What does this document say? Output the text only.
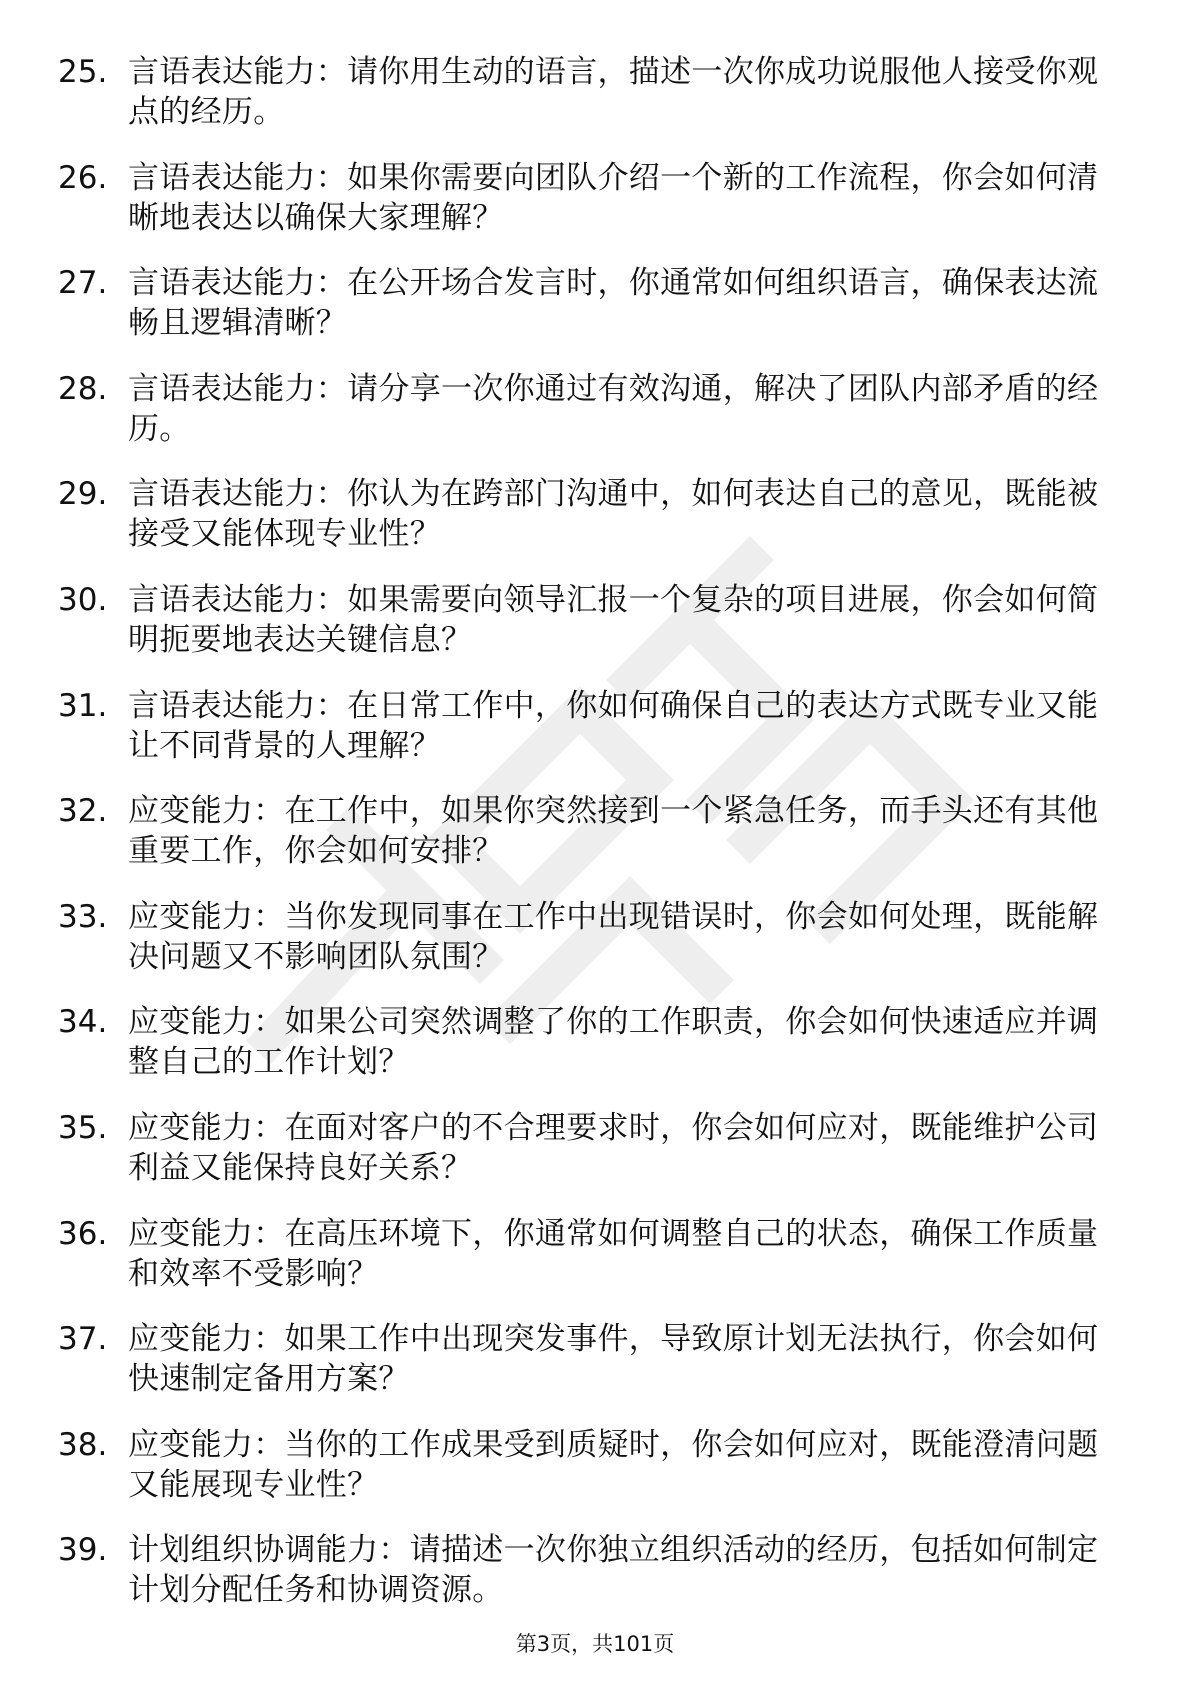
25. 言语表达能力：请你用生动的语言，描述一次你成功说服他人接受你观点的经历。
26. 言语表达能力：如果你需要向团队介绍一个新的工作流程，你会如何清晰地表达以确保大家理解？
27. 言语表达能力：在公开场合发言时，你通常如何组织语言，确保表达流畅且逻辑清晰？
28. 言语表达能力：请分享一次你通过有效沟通，解决了团队内部矛盾的经历。
29. 言语表达能力：你认为在跨部门沟通中，如何表达自己的意见，既能被接受又能体现专业性？
30. 言语表达能力：如果需要向领导汇报一个复杂的项目进展，你会如何简明扼要地表达关键信息？
31. 言语表达能力：在日常工作中，你如何确保自己的表达方式既专业又能让不同背景的人理解？
32. 应变能力：在工作中，如果你突然接到一个紧急任务，而手头还有其他重要工作，你会如何安排？
33. 应变能力：当你发现同事在工作中出现错误时，你会如何处理，既能解决问题又不影响团队氛围？
34. 应变能力：如果公司突然调整了你的工作职责，你会如何快速适应并调整自己的工作计划？
35. 应变能力：在面对客户的不合理要求时，你会如何应对，既能维护公司利益又能保持良好关系？
36. 应变能力：在高压环境下，你通常如何调整自己的状态，确保工作质量和效率不受影响？
37. 应变能力：如果工作中出现突发事件，导致原计划无法执行，你会如何快速制定备用方案？
38. 应变能力：当你的工作成果受到质疑时，你会如何应对，既能澄清问题又能展现专业性？
39. 计划组织协调能力：请描述一次你独立组织活动的经历，包括如何制定计划分配任务和协调资源。
第3页，共101页
